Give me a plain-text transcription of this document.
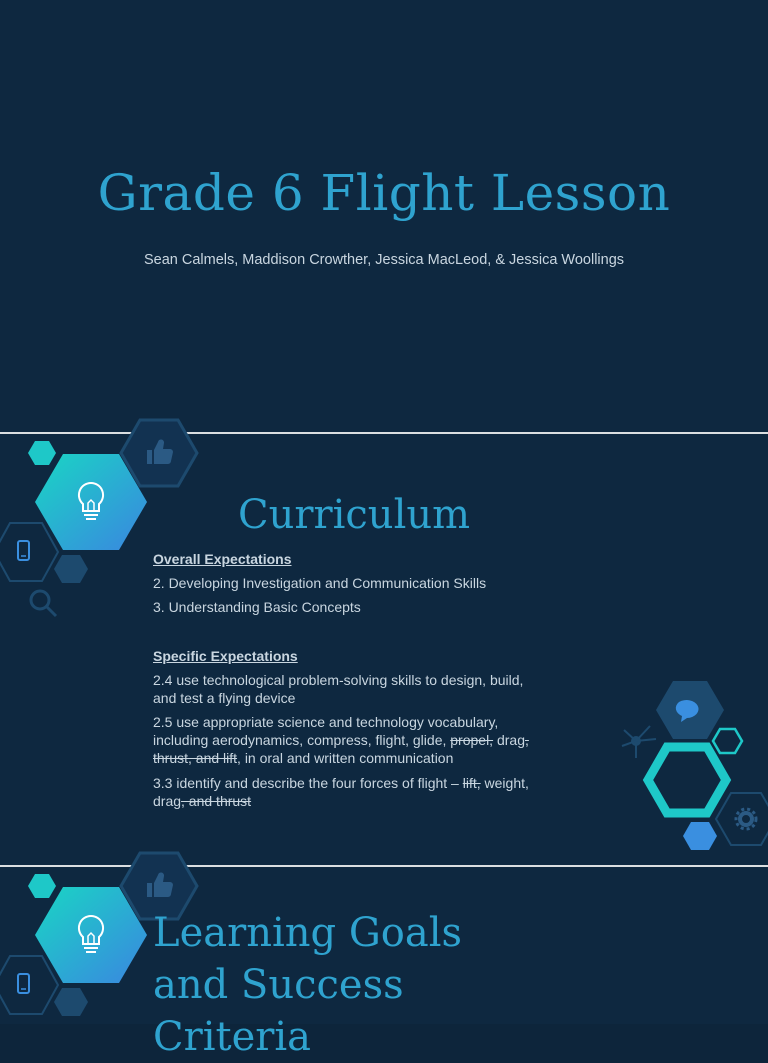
Grade 6 Flight Lesson
Sean Calmels, Maddison Crowther, Jessica MacLeod, & Jessica Woollings
Curriculum
Overall Expectations
2. Developing Investigation and Communication Skills
3. Understanding Basic Concepts
Specific Expectations
2.4 use technological problem-solving skills to design, build, and test a flying device
2.5 use appropriate science and technology vocabulary, including aerodynamics, compress, flight, glide, propel, drag, thrust, and lift, in oral and written communication
3.3 identify and describe the four forces of flight – lift, weight, drag, and thrust
Learning Goals
and Success
Criteria
